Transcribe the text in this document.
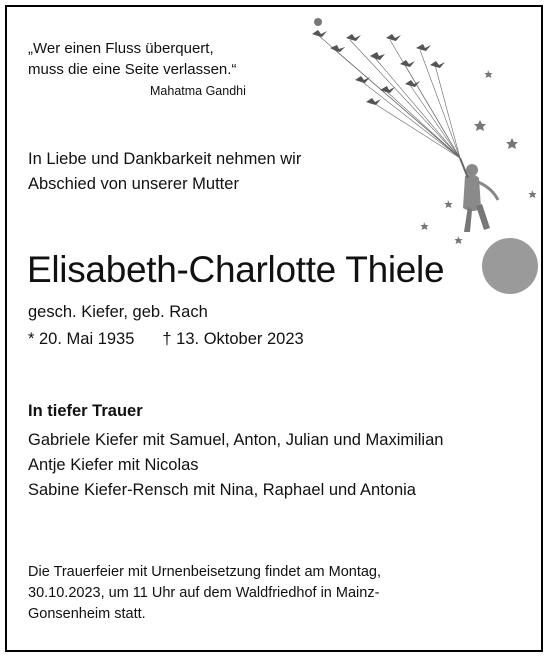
„Wer einen Fluss überquert,
muss die eine Seite verlassen.“
Mahatma Gandhi
In Liebe und Dankbarkeit nehmen wir
Abschied von unserer Mutter
Elisabeth-Charlotte Thiele
gesch. Kiefer, geb. Rach
* 20. Mai 1935 † 13. Oktober 2023
In tiefer Trauer
Gabriele Kiefer mit Samuel, Anton, Julian und Maximilian
Antje Kiefer mit Nicolas
Sabine Kiefer-Rensch mit Nina, Raphael und Antonia
Die Trauerfeier mit Urnenbeisetzung findet am Montag,
30.10.2023, um 11 Uhr auf dem Waldfriedhof in Mainz-
Gonsenheim statt.
